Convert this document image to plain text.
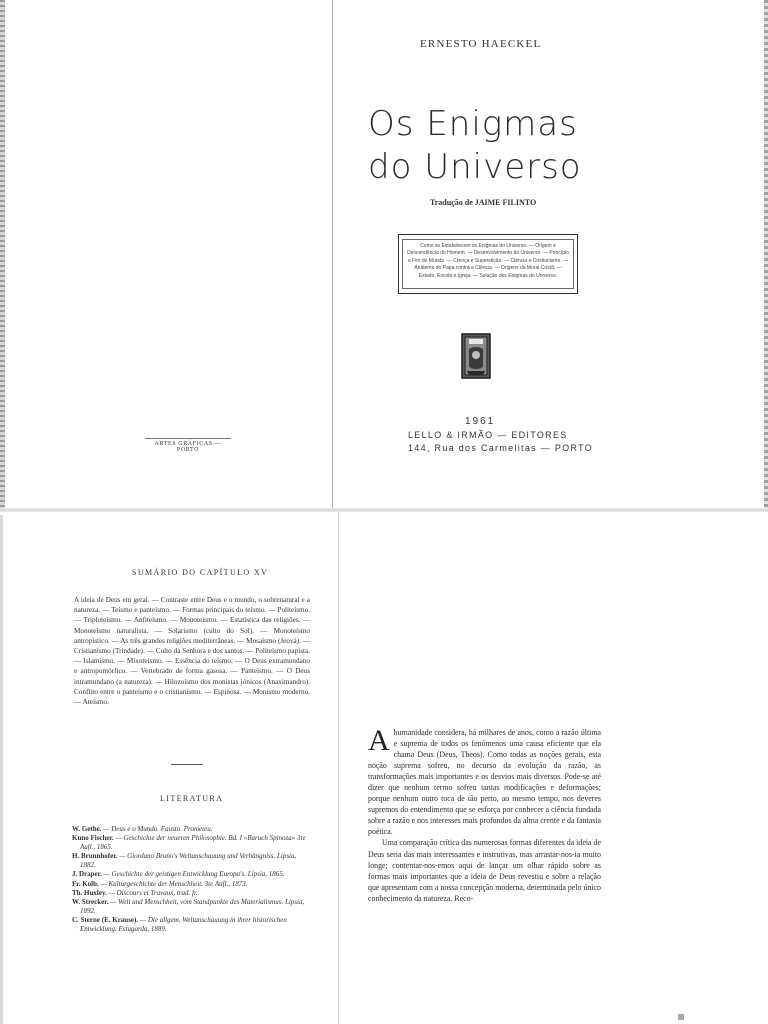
ARTES GRÁFICAS — PORTO
ERNESTO HAECKEL
Os Enigmas
do Universo
Tradução de JAIME FILINTO
Como se Estabelecem os Enigmas do Universo. — Origem e Descendência do Homem. — Desenvolvimento do Universo. — Princípio e Fim do Mundo. — Crença e Superstição. — Ciência e Cristianismo. — Anátema do Papa contra a Ciência. — Origens da Moral Cristã. — Estado, Escola e Igreja. — Solução dos Enigmas do Universo.
1961
LELLO & IRMÃO — EDITORES
144, Rua dos Carmelitas — PORTO
SUMÁRIO DO CAPÍTULO XV
A ideia de Deus em geral. — Contraste entre Deus e o mundo, o sobrenatural e a natureza. — Teísmo e panteísmo. — Formas principais do teísmo. — Politeísmo. — Triploteísmo. — Anfiteísmo. — Monoteísmo. — Estatística das religiões. — Monoteísmo naturalista. — Solarismo (culto do Sol). — Monoteísmo antropístico. — As três grandes religiões mediterrâneas. — Mosaísmo (Jeová). — Cristianismo (Trindade). — Culto da Senhora e dos santos. — Politeísmo papista. — Islamismo. — Mixoteísmo. — Essência do teísmo. — O Deus extramundano e antropomórfico. — Vertebrado de forma gasosa. — Panteísmo. — O Deus intramundano (a natureza). — Hilozoísmo dos monistas jónicos (Anaximandro). Conflito entre o panteísmo e o cristianismo. — Espinosa. — Monismo moderno. — Ateísmo.
LITERATURA
W. Gethe. — Deus e o Mundo. Fausto. Prometeu.
Kuno Fischer. — Geschichte der neueren Philosophie. Bd. I «Baruch Spinoza» 3te Aufl., 1865.
H. Brunnhofer. — Giordano Bruno's Weltanschauung und Verhängniss. Lipsia, 1882.
J. Draper. — Geschichte der geistigen Entwicklung Europa's. Lipsia, 1865.
Fr. Kolb. — Kulturgeschichte der Menschheit. 3te Aufl., 1873.
Th. Huxley. — Discours et Travaux, trad. fr.
W. Strecker. — Welt und Menschheit, vom Standpunkte des Materialismus. Lipsia, 1892.
C. Sterne (E. Krause). — Die allgem. Weltanschauung in ihrer historischen Entwicklung. Estugarda, 1889.

Ahumanidade considera, há milhares de anos, como a razão última e suprema de todos os fenómenos uma causa eficiente que ela chama Deus (Deus, Theos). Como todas as noções gerais, esta noção suprema sofreu, no decurso da evolução da razão, as transformações mais importantes e os desvios mais diversos. Pode-se até dizer que nenhum termo sofreu tantas modificações e deformações; porque nenhum outro toca de tão perto, ao mesmo tempo, nos deveres supremos do entendimento que se esforça por conhecer a ciência fundada sobre a razão e nos interesses mais profundos da alma crente e da fantasia poética.

Uma comparação crítica das numerosas formas diferentes da ideia de Deus seria das mais interessantes e instrutivas, mas arrastar-nos-ia muito longe; contentar-nos-emos aqui de lançar um olhar rápido sobre as formas mais importantes que a ideia de Deus revestiu e sobre a relação que apresentam com a nossa concepção moderna, determinada pelo único conhecimento da natureza. Reco-
